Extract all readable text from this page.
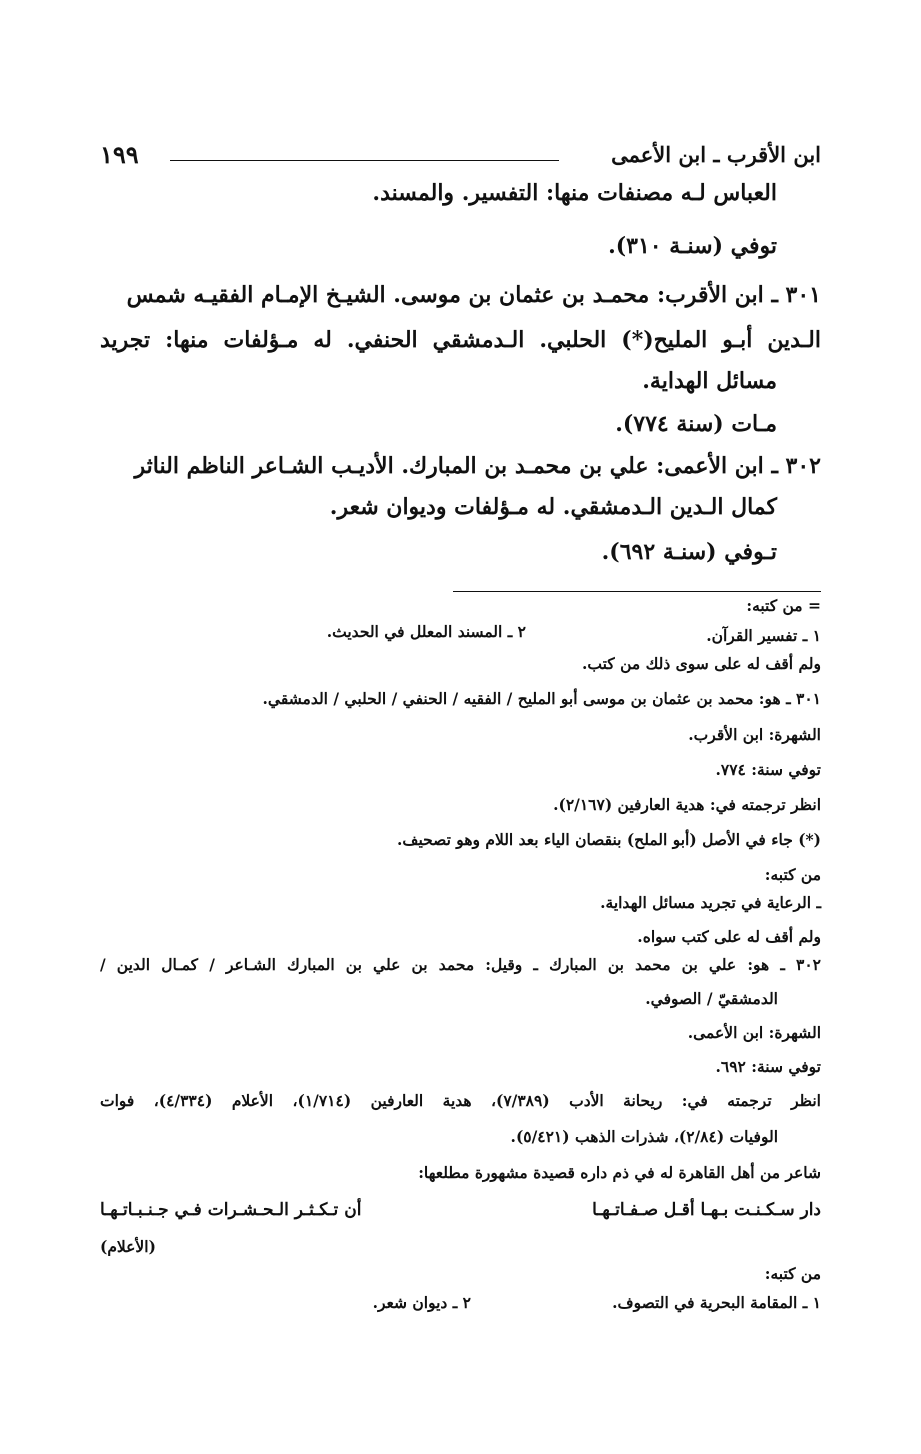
ابن الأقرب ـ ابن الأعمى
١٩٩
العباس لـه مصنفات منها: التفسير. والمسند.
توفي (سنـة ٣١٠).
٣٠١ ـ ابن الأقرب: محمـد بن عثمان بن موسى. الشيـخ الإمـام الفقيـه شمس
الـدين أبـو المليح(*) الحلبي. الـدمشقي الحنفي. له مـؤلفات منها: تجريد
مسائل الهداية.
مـات (سنة ٧٧٤).
٣٠٢ ـ ابن الأعمى: علي بن محمـد بن المبارك. الأديـب الشـاعر الناظم الناثر
كمال الـدين الـدمشقي. له مـؤلفات وديوان شعر.
تـوفي (سنـة ٦٩٢).
= من كتبه:
١ ـ تفسير القرآن.
٢ ـ المسند المعلل في الحديث.
ولم أقف له على سوى ذلك من كتب.
٣٠١ ـ هو: محمد بن عثمان بن موسى أبو المليح / الفقيه / الحنفي / الحلبي / الدمشقي.
الشهرة: ابن الأقرب.
توفي سنة: ٧٧٤.
انظر ترجمته في: هدية العارفين (٢/١٦٧).
(*) جاء في الأصل (أبو الملح) بنقصان الياء بعد اللام وهو تصحيف.
من كتبه:
ـ الرعاية في تجريد مسائل الهداية.
ولم أقف له على كتب سواه.
٣٠٢ ـ هو: علي بن محمد بن المبارك ـ وقيل: محمد بن علي بن المبارك الشـاعر / كمـال الدين /
الدمشقيّ / الصوفي.
الشهرة: ابن الأعمى.
توفي سنة: ٦٩٢.
انظر ترجمته في: ريحانة الأدب (٧/٣٨٩)، هدية العارفين (١/٧١٤)، الأعلام (٤/٣٣٤)، فوات
الوفيات (٢/٨٤)، شذرات الذهب (٥/٤٢١).
شاعر من أهل القاهرة له في ذم داره قصيدة مشهورة مطلعها:
دار سـكـنـت بـهـا أقـل صـفـاتـهـا
أن تـكـثـر الـحـشـرات فـي جـنـبـاتـهـا
(الأعلام)
من كتبه:
١ ـ المقامة البحرية في التصوف.
٢ ـ ديوان شعر.
